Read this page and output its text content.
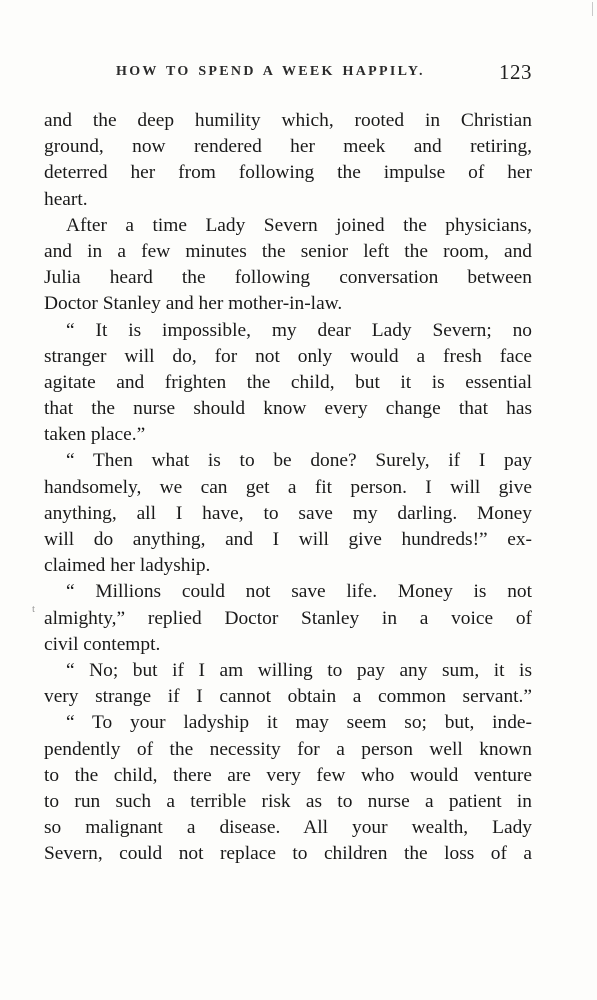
HOW TO SPEND A WEEK HAPPILY.	123
and the deep humility which, rooted in Christian
ground, now rendered her meek and retiring,
deterred her from following the impulse of her
heart.
After a time Lady Severn joined the physicians,
and in a few minutes the senior left the room, and
Julia heard the following conversation between
Doctor Stanley and her mother-in-law.
“ It is impossible, my dear Lady Severn; no
stranger will do, for not only would a fresh face
agitate and frighten the child, but it is essential
that the nurse should know every change that has
taken place.”
“ Then what is to be done? Surely, if I pay
handsomely, we can get a fit person. I will give
anything, all I have, to save my darling. Money
will do anything, and I will give hundreds!” ex-
claimed her ladyship.
“ Millions could not save life. Money is not
almighty,” replied Doctor Stanley in a voice of
civil contempt.
“ No; but if I am willing to pay any sum, it is
very strange if I cannot obtain a common servant.”
“ To your ladyship it may seem so; but, inde-
pendently of the necessity for a person well known
to the child, there are very few who would venture
to run such a terrible risk as to nurse a patient in
so malignant a disease. All your wealth, Lady
Severn, could not replace to children the loss of a
t
